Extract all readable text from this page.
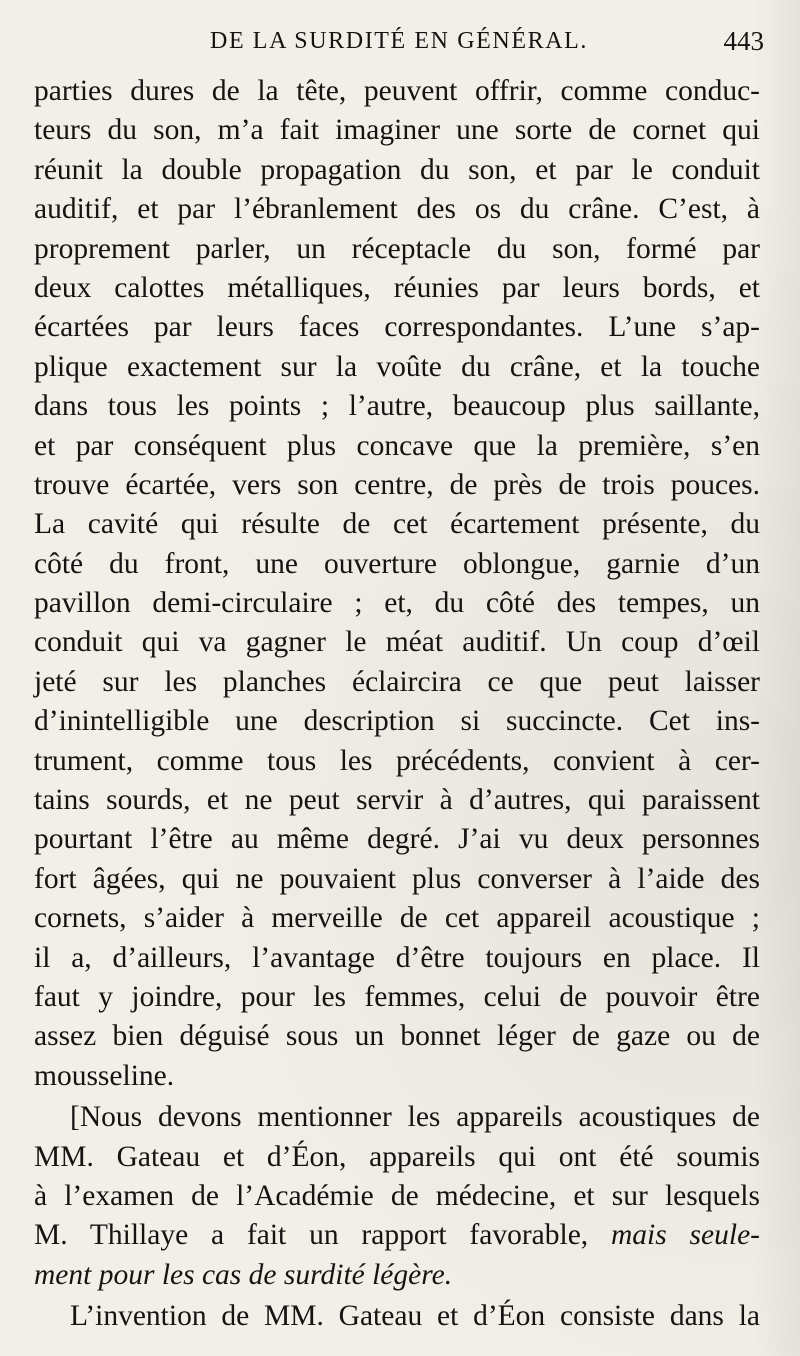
DE LA SURDITÉ EN GÉNÉRAL.	443
parties dures de la tête, peuvent offrir, comme conduc-
teurs du son, m’a fait imaginer une sorte de cornet qui
réunit la double propagation du son, et par le conduit
auditif, et par l’ébranlement des os du crâne. C’est, à
proprement parler, un réceptacle du son, formé par
deux calottes métalliques, réunies par leurs bords, et
écartées par leurs faces correspondantes. L’une s’ap-
plique exactement sur la voûte du crâne, et la touche
dans tous les points ; l’autre, beaucoup plus saillante,
et par conséquent plus concave que la première, s’en
trouve écartée, vers son centre, de près de trois pouces.
La cavité qui résulte de cet écartement présente, du
côté du front, une ouverture oblongue, garnie d’un
pavillon demi-circulaire ; et, du côté des tempes, un
conduit qui va gagner le méat auditif. Un coup d’œil
jeté sur les planches éclaircira ce que peut laisser
d’inintelligible une description si succincte. Cet ins-
trument, comme tous les précédents, convient à cer-
tains sourds, et ne peut servir à d’autres, qui paraissent
pourtant l’être au même degré. J’ai vu deux personnes
fort âgées, qui ne pouvaient plus converser à l’aide des
cornets, s’aider à merveille de cet appareil acoustique ;
il a, d’ailleurs, l’avantage d’être toujours en place. Il
faut y joindre, pour les femmes, celui de pouvoir être
assez bien déguisé sous un bonnet léger de gaze ou de
mousseline.
[Nous devons mentionner les appareils acoustiques de
MM. Gateau et d’Éon, appareils qui ont été soumis
à l’examen de l’Académie de médecine, et sur lesquels
M. Thillaye a fait un rapport favorable, mais seule-
ment pour les cas de surdité légère.
L’invention de MM. Gateau et d’Éon consiste dans la
